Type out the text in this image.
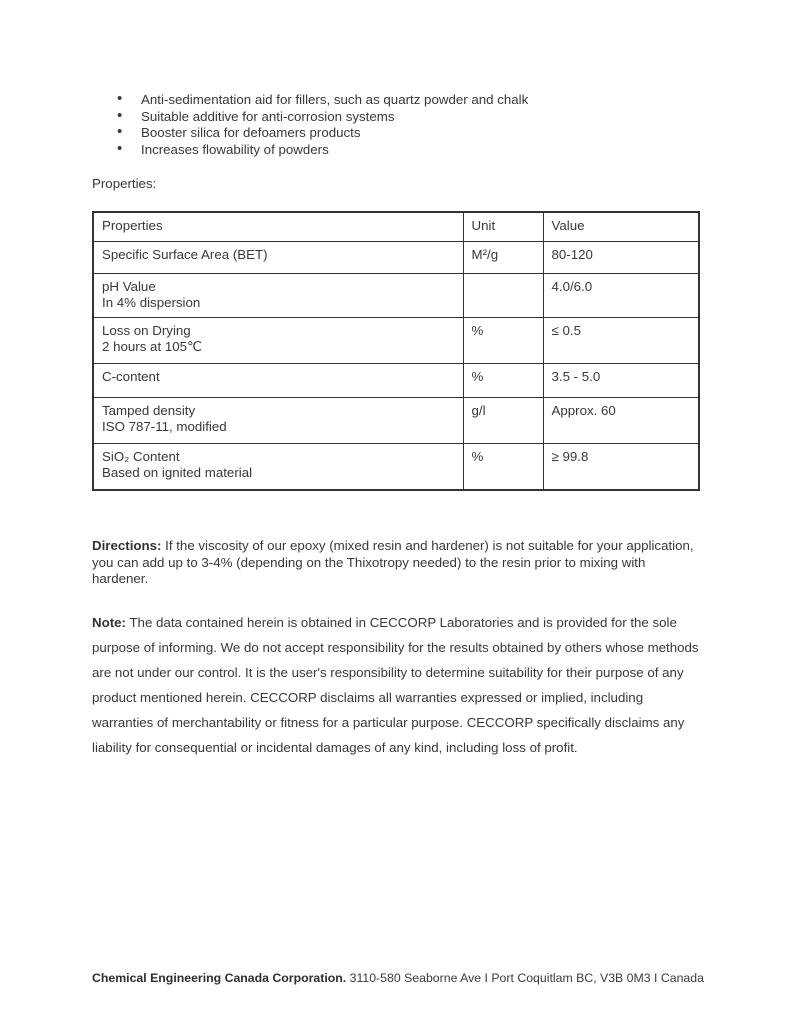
• Anti-sedimentation aid for fillers, such as quartz powder and chalk
• Suitable additive for anti-corrosion systems
• Booster silica for defoamers products
• Increases flowability of powders
Properties:
Properties	Unit	Value

Specific Surface Area (BET)	M²/g	80-120

pH Value
In 4% dispersion		4.0/6.0

Loss on Drying
2 hours at 105℃	%	≤ 0.5

C-content	%	3.5 - 5.0

Tamped density
ISO 787-11, modified	g/l	Approx. 60

SiO₂ Content
Based on ignited material	%	≥ 99.8

Directions: If the viscosity of our epoxy (mixed resin and hardener) is not suitable for your application, you can add up to 3-4% (depending on the Thixotropy needed) to the resin prior to mixing with hardener.

Note: The data contained herein is obtained in CECCORP Laboratories and is provided for the sole purpose of informing. We do not accept responsibility for the results obtained by others whose methods are not under our control. It is the user's responsibility to determine suitability for their purpose of any product mentioned herein. CECCORP disclaims all warranties expressed or implied, including warranties of merchantability or fitness for a particular purpose. CECCORP specifically disclaims any liability for consequential or incidental damages of any kind, including loss of profit.

Chemical Engineering Canada Corporation. 3110-580 Seaborne Ave I Port Coquitlam BC, V3B 0M3 I Canada
